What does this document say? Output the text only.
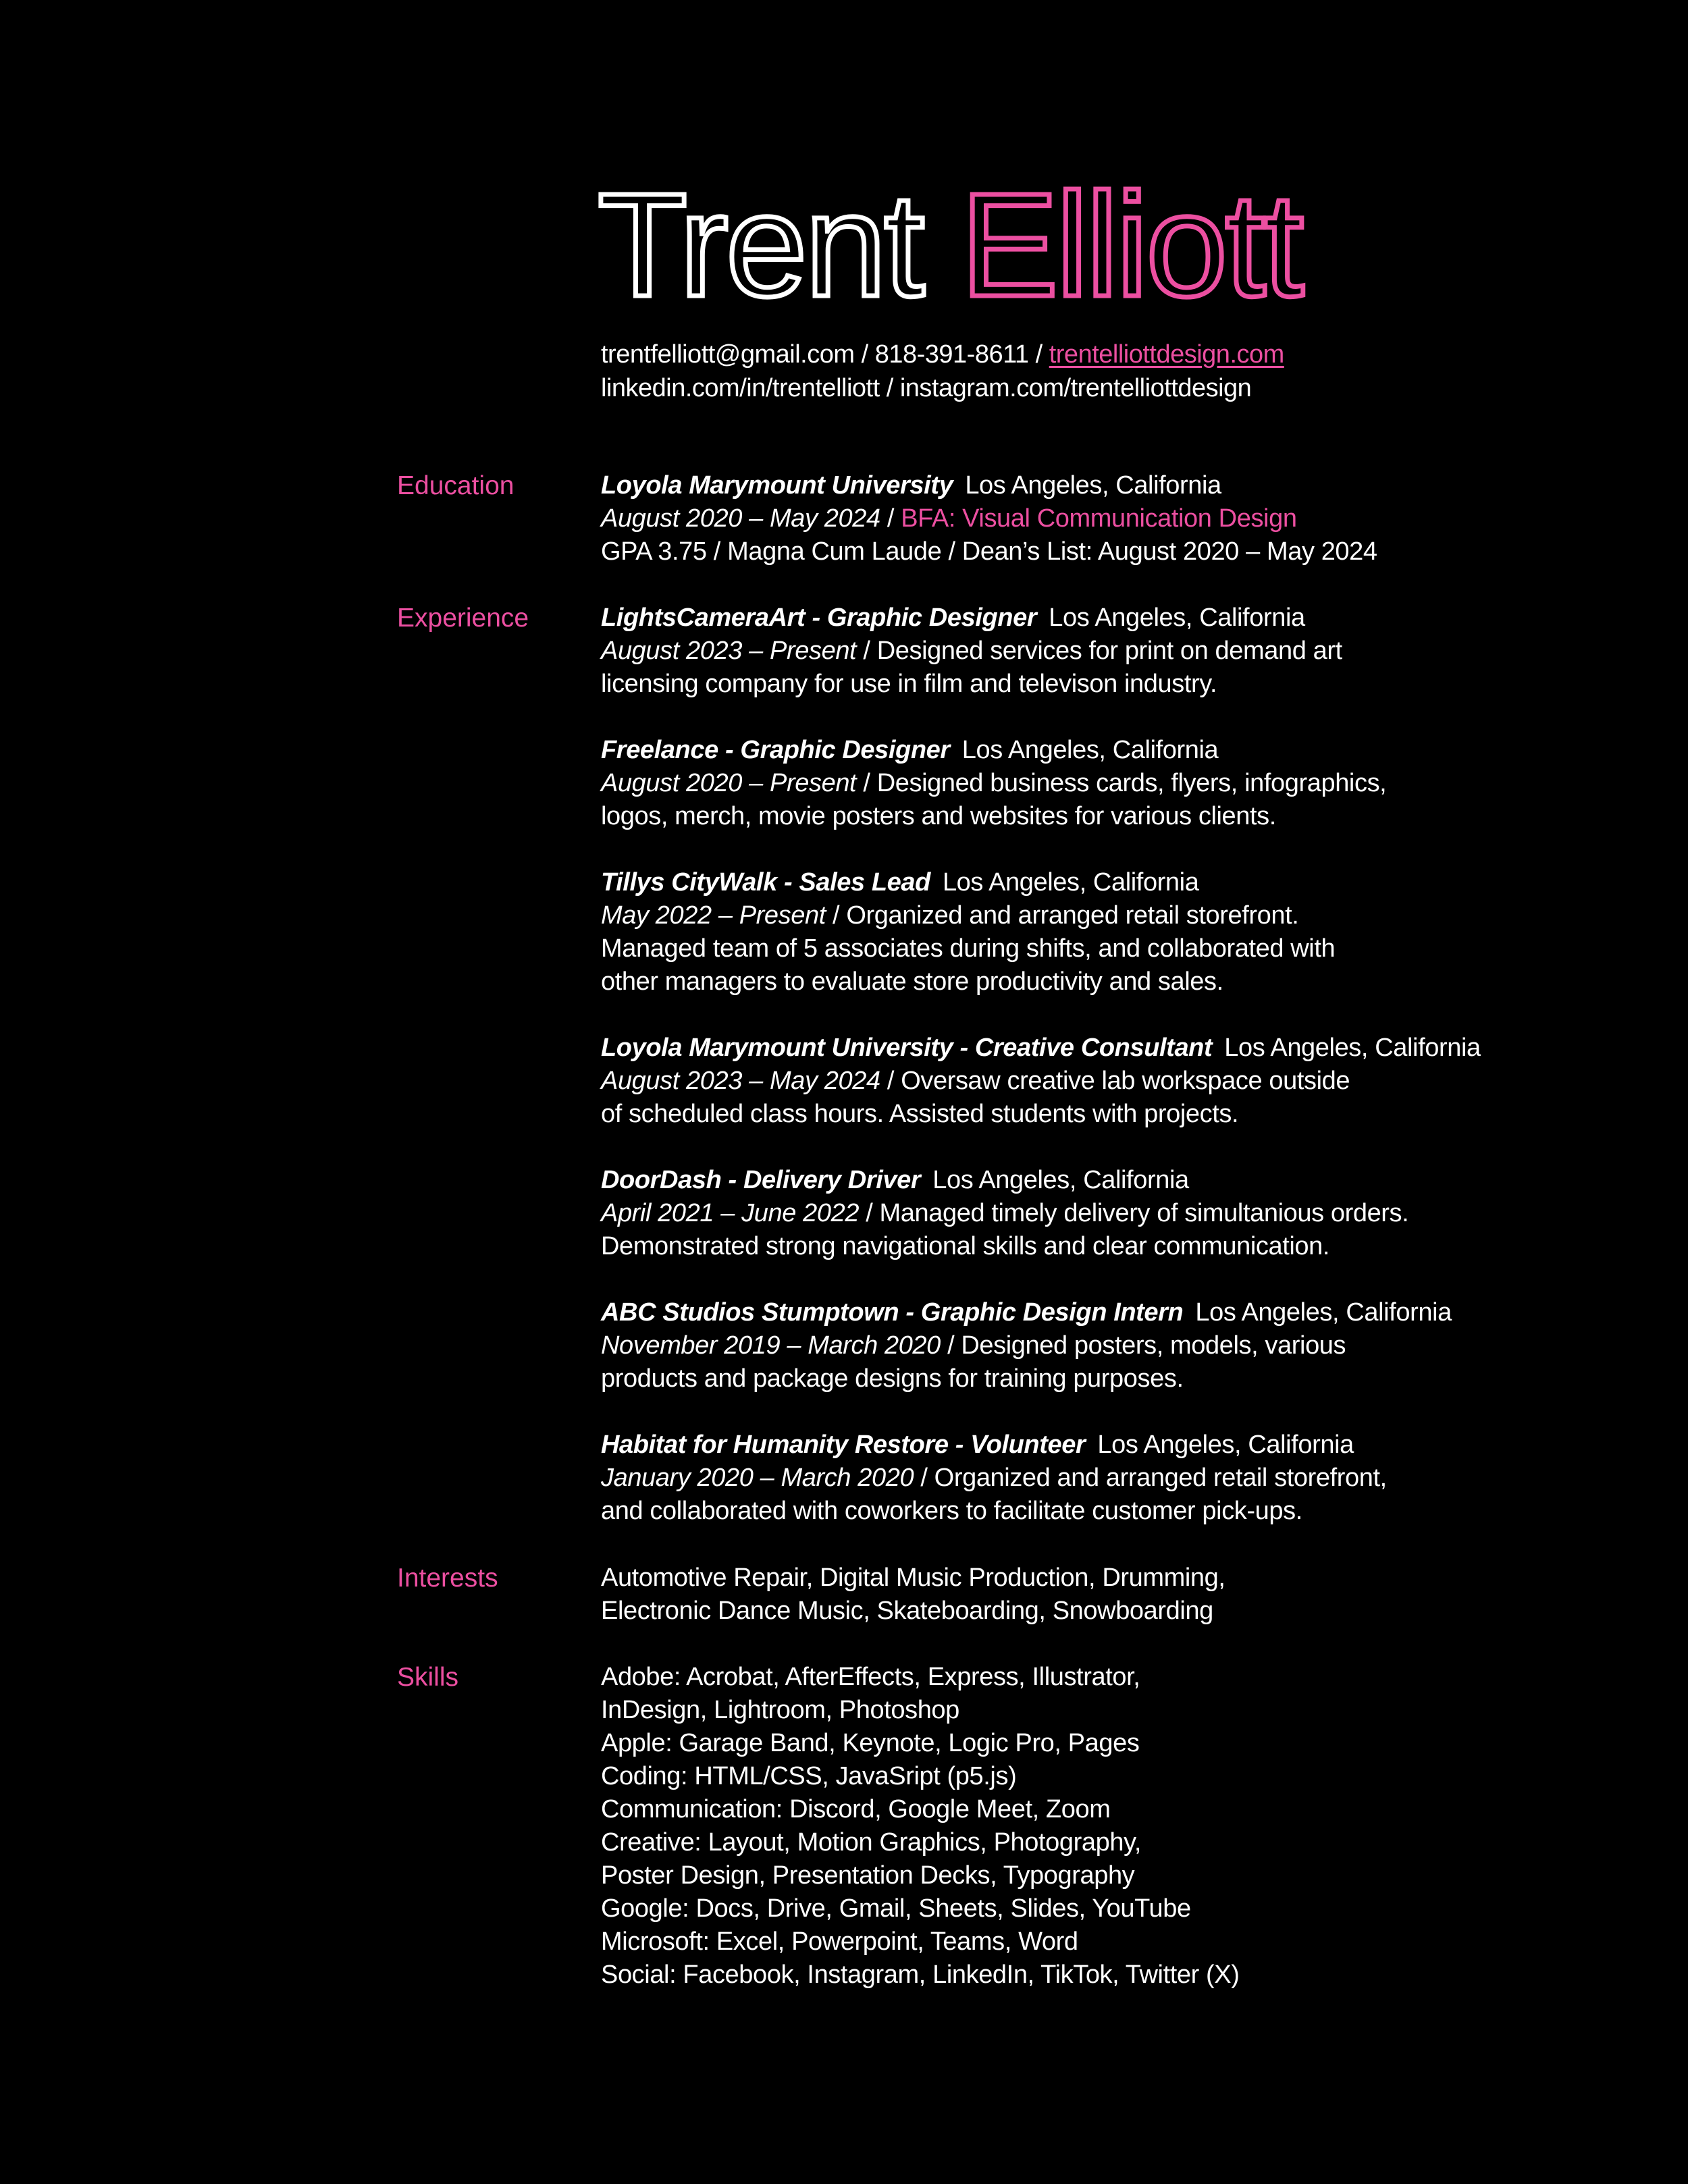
Trent Elliott
trentfelliott@gmail.com / 818-391-8611 / trentelliottdesign.com
linkedin.com/in/trentelliott / instagram.com/trentelliottdesign
Education	Loyola Marymount University Los Angeles, California
August 2020 – May 2024 / BFA: Visual Communication Design
GPA 3.75 / Magna Cum Laude / Dean’s List: August 2020 – May 2024
Experience	LightsCameraArt - Graphic Designer Los Angeles, California
August 2023 – Present / Designed services for print on demand art
licensing company for use in film and televison industry.
Freelance - Graphic Designer Los Angeles, California
August 2020 – Present / Designed business cards, flyers, infographics,
logos, merch, movie posters and websites for various clients.
Tillys CityWalk - Sales Lead Los Angeles, California
May 2022 – Present / Organized and arranged retail storefront.
Managed team of 5 associates during shifts, and collaborated with
other managers to evaluate store productivity and sales.
Loyola Marymount University - Creative Consultant Los Angeles, California
August 2023 – May 2024 / Oversaw creative lab workspace outside
of scheduled class hours. Assisted students with projects.
DoorDash - Delivery Driver Los Angeles, California
April 2021 – June 2022 / Managed timely delivery of simultanious orders.
Demonstrated strong navigational skills and clear communication.
ABC Studios Stumptown - Graphic Design Intern Los Angeles, California
November 2019 – March 2020 / Designed posters, models, various
products and package designs for training purposes.
Habitat for Humanity Restore - Volunteer Los Angeles, California
January 2020 – March 2020 / Organized and arranged retail storefront,
and collaborated with coworkers to facilitate customer pick-ups.
Interests	Automotive Repair, Digital Music Production, Drumming,
Electronic Dance Music, Skateboarding, Snowboarding
Skills	Adobe: Acrobat, AfterEffects, Express, Illustrator,
InDesign, Lightroom, Photoshop
Apple: Garage Band, Keynote, Logic Pro, Pages
Coding: HTML/CSS, JavaSript (p5.js)
Communication: Discord, Google Meet, Zoom
Creative: Layout, Motion Graphics, Photography,
Poster Design, Presentation Decks, Typography
Google: Docs, Drive, Gmail, Sheets, Slides, YouTube
Microsoft: Excel, Powerpoint, Teams, Word
Social: Facebook, Instagram, LinkedIn, TikTok, Twitter (X)
